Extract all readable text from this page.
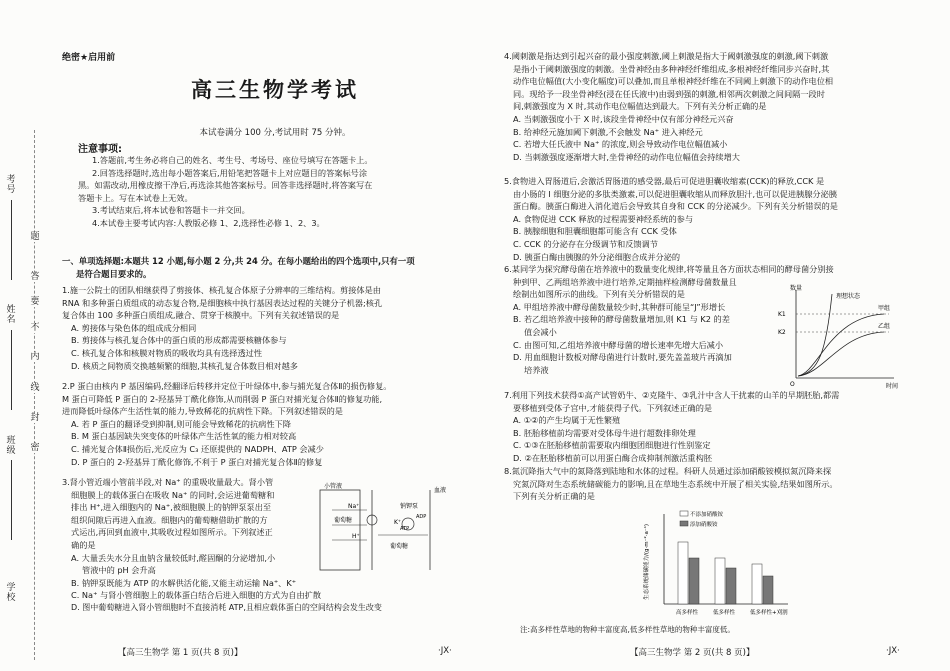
考号
姓名
班级
学校
题
答
要
不
内
线
封
密
绝密★启用前
高三生物学考试
本试卷满分 100 分,考试用时 75 分钟。
注意事项:
1.答题前,考生务必将自己的姓名、考生号、考场号、座位号填写在答题卡上。
2.回答选择题时,选出每小题答案后,用铅笔把答题卡上对应题目的答案标号涂
黑。如需改动,用橡皮擦干净后,再选涂其他答案标号。回答非选择题时,将答案写在
答题卡上。写在本试卷上无效。
3.考试结束后,将本试卷和答题卡一并交回。
4.本试卷主要考试内容:人教版必修 1、2,选择性必修 1、2、3。
一、单项选择题:本题共 12 小题,每小题 2 分,共 24 分。在每小题给出的四个选项中,只有一项
是符合题目要求的。
1.施一公院士的团队相继获得了剪接体、核孔复合体原子分辨率的三维结构。剪接体是由
RNA 和多种蛋白质组成的动态复合物,是细胞核中执行基因表达过程的关键分子机器;核孔
复合体由 100 多种蛋白质组成,融合、贯穿于核膜中。下列有关叙述错误的是
A. 剪接体与染色体的组成成分相同
B. 剪接体与核孔复合体中的蛋白质的形成都需要核糖体参与
C. 核孔复合体和核膜对物质的吸收均具有选择透过性
D. 核质之间物质交换越频繁的细胞,其核孔复合体数目相对越多
2.P 蛋白由核内 P 基因编码,经翻译后转移并定位于叶绿体中,参与捕光复合体Ⅱ的损伤修复。
M 蛋白可降低 P 蛋白的 2-羟基异丁酰化修饰,从而削弱 P 蛋白对捕光复合体Ⅱ的修复功能,
进而降低叶绿体产生活性氧的能力,导致稀花的抗病性下降。下列叙述错误的是
A. 若 P 蛋白的翻译受到抑制,则可能会导致稀花的抗病性下降
B. M 蛋白基因缺失突变体的叶绿体产生活性氧的能力相对较高
C. 捕光复合体Ⅱ损伤后,光反应为 C₃ 还原提供的 NADPH、ATP 会减少
D. P 蛋白的 2-羟基异丁酰化修饰,不利于 P 蛋白对捕光复合体Ⅱ的修复
3.肾小管近端小管前半段,对 Na⁺ 的重吸收量最大。肾小管
细胞膜上的载体蛋白在吸收 Na⁺ 的同时,会运进葡萄糖和
排出 H⁺,进入细胞内的 Na⁺,被细胞膜上的钠钾泵泵出至
组织间隙后再进入血液。细胞内的葡萄糖借助扩散的方
式运出,再回到血液中,其吸收过程如图所示。下列叙述正
确的是
A. 大量丢失水分且血钠含量较低时,醛固酮的分泌增加,小
管液中的 pH 会升高
B. 钠钾泵既能为 ATP 的水解供活化能,又能主动运输 Na⁺、K⁺
C. Na⁺ 与肾小管细胞上的载体蛋白结合后进入细胞的方式为自由扩散
D. 图中葡萄糖进入肾小管细胞时不直接消耗 ATP,且相应载体蛋白的空间结构会发生改变
小管液
血液
钠钾泵
葡萄糖
葡萄糖
Na⁺
K⁺
H⁺
ATP
ADP
【高三生物学 第 1 页(共 8 页)】	·JX·
4.阈刺激是指达到引起兴奋的最小强度刺激,阈上刺激是指大于阈刺激强度的刺激,阈下刺激
是指小于阈刺激强度的刺激。坐骨神经由多种神经纤维组成,多根神经纤维同步兴奋时,其
动作电位幅值(大小变化幅度)可以叠加,而且单根神经纤维在不同阈上刺激下的动作电位相
同。现给予一段坐骨神经(浸在任氏液中)由弱到强的刺激,相邻两次刺激之间间隔一段时
间,刺激强度为 X 时,其动作电位幅值达到最大。下列有关分析正确的是
A. 当刺激强度小于 X 时,该段坐骨神经中仅有部分神经元兴奋
B. 给神经元施加阈下刺激,不会触发 Na⁺ 进入神经元
C. 若增大任氏液中 Na⁺ 的浓度,则会导致动作电位幅值减小
D. 当刺激强度逐渐增大时,坐骨神经的动作电位幅值会持续增大
5.食物进入胃肠道后,会激活胃肠道的感受器,最后可促进胆囊收缩素(CCK)的释放,CCK 是
由小肠的 I 细胞分泌的多肽类激素,可以促进胆囊收缩从而释放胆汁,也可以促进胰腺分泌胰
蛋白酶。胰蛋白酶进入消化道后会导致其自身和 CCK 的分泌减少。下列有关分析错误的是
A. 食物促进 CCK 释放的过程需要神经系统的参与
B. 胰腺细胞和胆囊细胞都可能含有 CCK 受体
C. CCK 的分泌存在分级调节和反馈调节
D. 胰蛋白酶由胰腺的外分泌细胞合成并分泌的
6.某同学为探究酵母菌在培养液中的数量变化规律,将等量且各方面状态相同的酵母菌分别接
种到甲、乙两组培养液中进行培养,定期抽样检测酵母菌数量且
绘制出如图所示的曲线。下列有关分析错误的是
A. 甲组培养液中酵母菌数量较少时,其种群可能呈“J”形增长
B. 若乙组培养液中接种的酵母菌数量增加,则 K1 与 K2 的差
值会减小
C. 由图可知,乙组培养液中酵母菌的增长速率先增大后减小
D. 用血细胞计数板对酵母菌进行计数时,要先盖盖玻片再滴加
培养液
数量
时间
O
K1
K2
理想状态
甲组
乙组
7.利用下列技术获得①高产试管奶牛、②克隆牛、③乳汁中含人干扰素的山羊的早期胚胎,都需
要移植到受体子宫中,才能获得子代。下列叙述正确的是
A. ①②的产生均属于无性繁殖
B. 胚胎移植前均需要对受体母牛进行超数排卵处理
C. ①③在胚胎移植前需要取内细胞团细胞进行性别鉴定
D. ②在胚胎移植前可以用蛋白酶合成抑制剂激活重构胚
8.氮沉降指大气中的氮降落到陆地和水体的过程。科研人员通过添加硝酸铵模拟氮沉降来探
究氮沉降对生态系统储碳能力的影响,且在草地生态系统中开展了相关实验,结果如图所示。
下列有关分析正确的是
生态系统储碳能力/(g·m⁻²·a⁻¹)
不添加硝酸铵
添加硝酸铵
高多样性	低多样性	低多样性+刈割
注:高多样性草地的物种丰富度高,低多样性草地的物种丰富度低。
【高三生物学 第 2 页(共 8 页)】	·JX·
